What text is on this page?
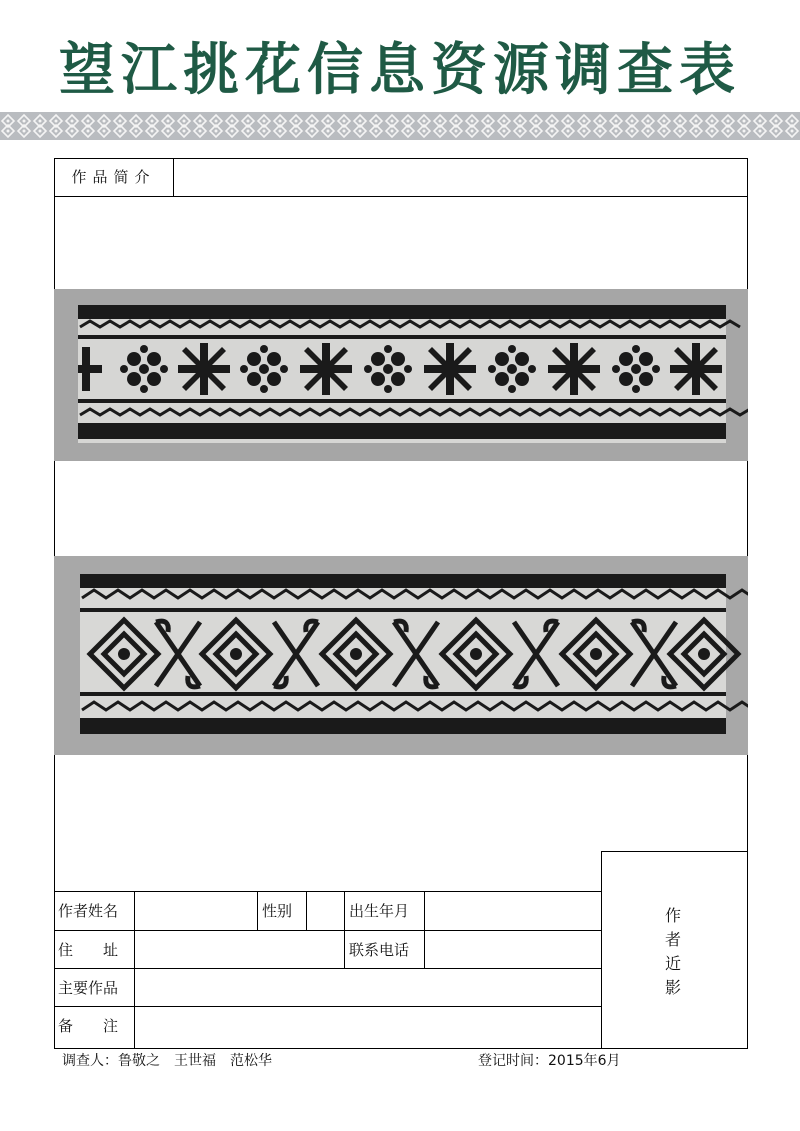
望江挑花信息资源调查表
作品简介
作者姓名	性别	出生年月
住　　址	联系电话
主要作品
备　　注
作者近影
调查人：鲁敬之　王世福　范松华	登记时间：2015年6月
